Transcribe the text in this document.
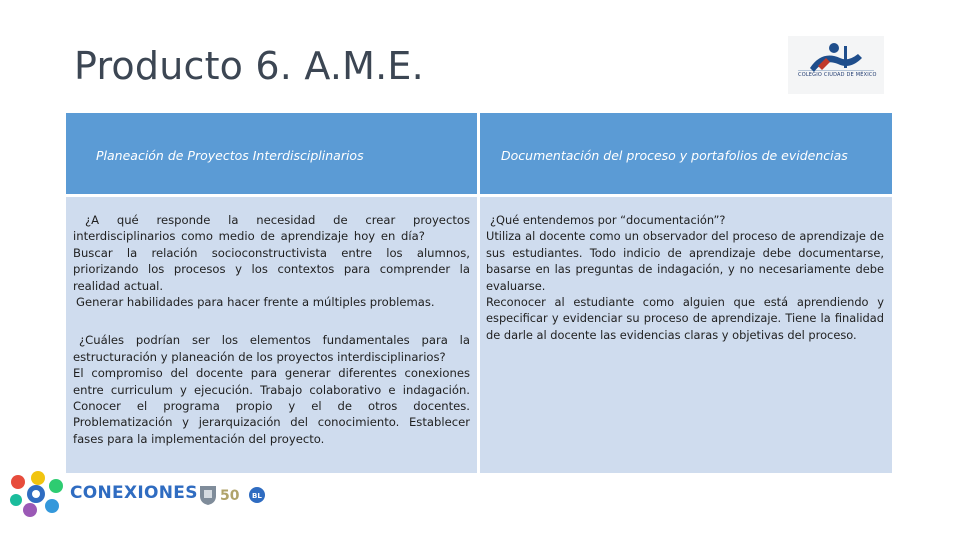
Producto 6. A.M.E.	COLEGIO CIUDAD DE MÉXICO
Planeación de Proyectos Interdisciplinarios	Documentación del proceso y portafolios de evidencias

¿A qué responde la necesidad de crear proyectos interdisciplinarios como medio de aprendizaje hoy en día?

Buscar la relación socioconstructivista entre los alumnos, priorizando los procesos y los contextos para comprender la realidad actual.

Generar habilidades para hacer frente a múltiples problemas.

¿Cuáles podrían ser los elementos fundamentales para la estructuración y planeación de los proyectos interdisciplinarios?

El compromiso del docente para generar diferentes conexiones entre curriculum y ejecución. Trabajo colaborativo e indagación. Conocer el programa propio y el de otros docentes. Problematización y jerarquización del conocimiento. Establecer fases para la implementación del proyecto.

¿Qué entendemos por “documentación”?

Utiliza al docente como un observador del proceso de aprendizaje de sus estudiantes. Todo indicio de aprendizaje debe documentarse, basarse en las preguntas de indagación, y no necesariamente debe evaluarse.

Reconocer al estudiante como alguien que está aprendiendo y especificar y evidenciar su proceso de aprendizaje. Tiene la finalidad de darle al docente las evidencias claras y objetivas del proceso.

CONEXIONES 50 BL
